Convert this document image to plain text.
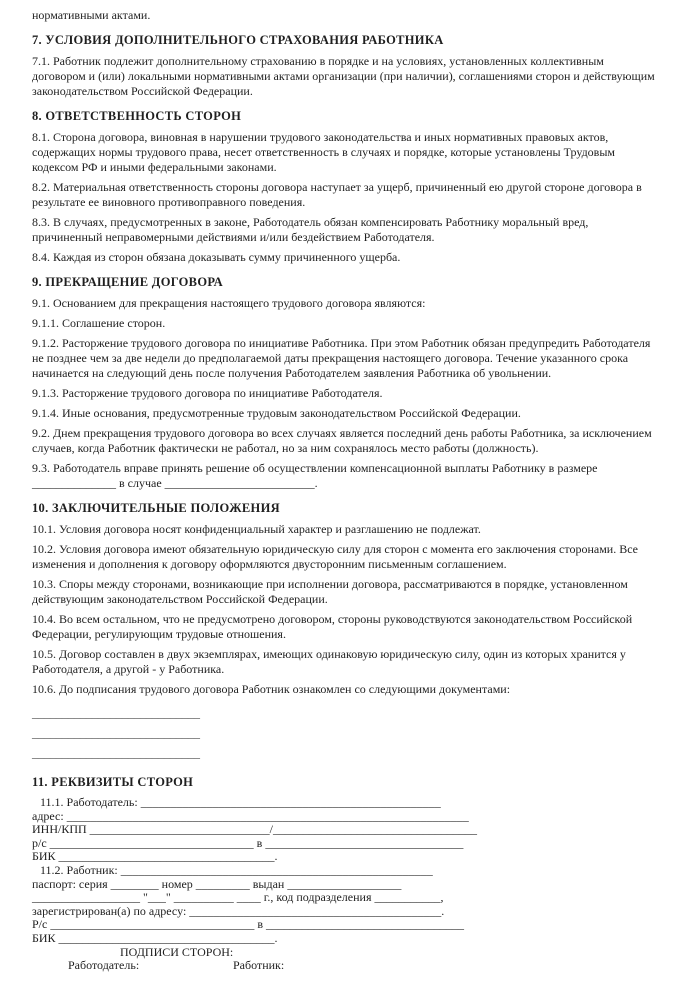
нормативными актами.

7. УСЛОВИЯ ДОПОЛНИТЕЛЬНОГО СТРАХОВАНИЯ РАБОТНИКА

7.1. Работник подлежит дополнительному страхованию в порядке и на условиях, установленных коллективным договором и (или) локальными нормативными актами организации (при наличии), соглашениями сторон и действующим законодательством Российской Федерации.

8. ОТВЕТСТВЕННОСТЬ СТОРОН

8.1. Сторона договора, виновная в нарушении трудового законодательства и иных нормативных правовых актов, содержащих нормы трудового права, несет ответственность в случаях и порядке, которые установлены Трудовым кодексом РФ и иными федеральными законами.

8.2. Материальная ответственность стороны договора наступает за ущерб, причиненный ею другой стороне договора в результате ее виновного противоправного поведения.

8.3. В случаях, предусмотренных в законе, Работодатель обязан компенсировать Работнику моральный вред, причиненный неправомерными действиями и/или бездействием Работодателя.

8.4. Каждая из сторон обязана доказывать сумму причиненного ущерба.

9. ПРЕКРАЩЕНИЕ ДОГОВОРА

9.1. Основанием для прекращения настоящего трудового договора являются:

9.1.1. Соглашение сторон.

9.1.2. Расторжение трудового договора по инициативе Работника. При этом Работник обязан предупредить Работодателя не позднее чем за две недели до предполагаемой даты прекращения настоящего договора. Течение указанного срока начинается на следующий день после получения Работодателем заявления Работника об увольнении.

9.1.3. Расторжение трудового договора по инициативе Работодателя.

9.1.4. Иные основания, предусмотренные трудовым законодательством Российской Федерации.

9.2. Днем прекращения трудового договора во всех случаях является последний день работы Работника, за исключением случаев, когда Работник фактически не работал, но за ним сохранялось место работы (должность).

9.3. Работодатель вправе принять решение об осуществлении компенсационной выплаты Работнику в размере ______________ в случае _________________________.

10. ЗАКЛЮЧИТЕЛЬНЫЕ ПОЛОЖЕНИЯ

10.1. Условия договора носят конфиденциальный характер и разглашению не подлежат.

10.2. Условия договора имеют обязательную юридическую силу для сторон с момента его заключения сторонами. Все изменения и дополнения к договору оформляются двусторонним письменным соглашением.

10.3. Споры между сторонами, возникающие при исполнении договора, рассматриваются в порядке, установленном действующим законодательством Российской Федерации.

10.4. Во всем остальном, что не предусмотрено договором, стороны руководствуются законодательством Российской Федерации, регулирующим трудовые отношения.

10.5. Договор составлен в двух экземплярах, имеющих одинаковую юридическую силу, один из которых хранится у Работодателя, а другой - у Работника.

10.6. До подписания трудового договора Работник ознакомлен со следующими документами:

____________________________

____________________________

____________________________

11. РЕКВИЗИТЫ СТОРОН

11.1. Работодатель: __________________________________________________

адрес: ___________________________________________________________________

ИНН/КПП ______________________________/__________________________________

р/с __________________________________ в _________________________________

БИК ____________________________________.

11.2. Работник: ____________________________________________________

паспорт: серия ________ номер _________ выдан ___________________

__________________ "___" __________ ____ г., код подразделения ___________,

зарегистрирован(а) по адресу: __________________________________________.

Р/с __________________________________ в _________________________________

БИК ____________________________________.

ПОДПИСИ СТОРОН:

Работодатель:	Работник:
